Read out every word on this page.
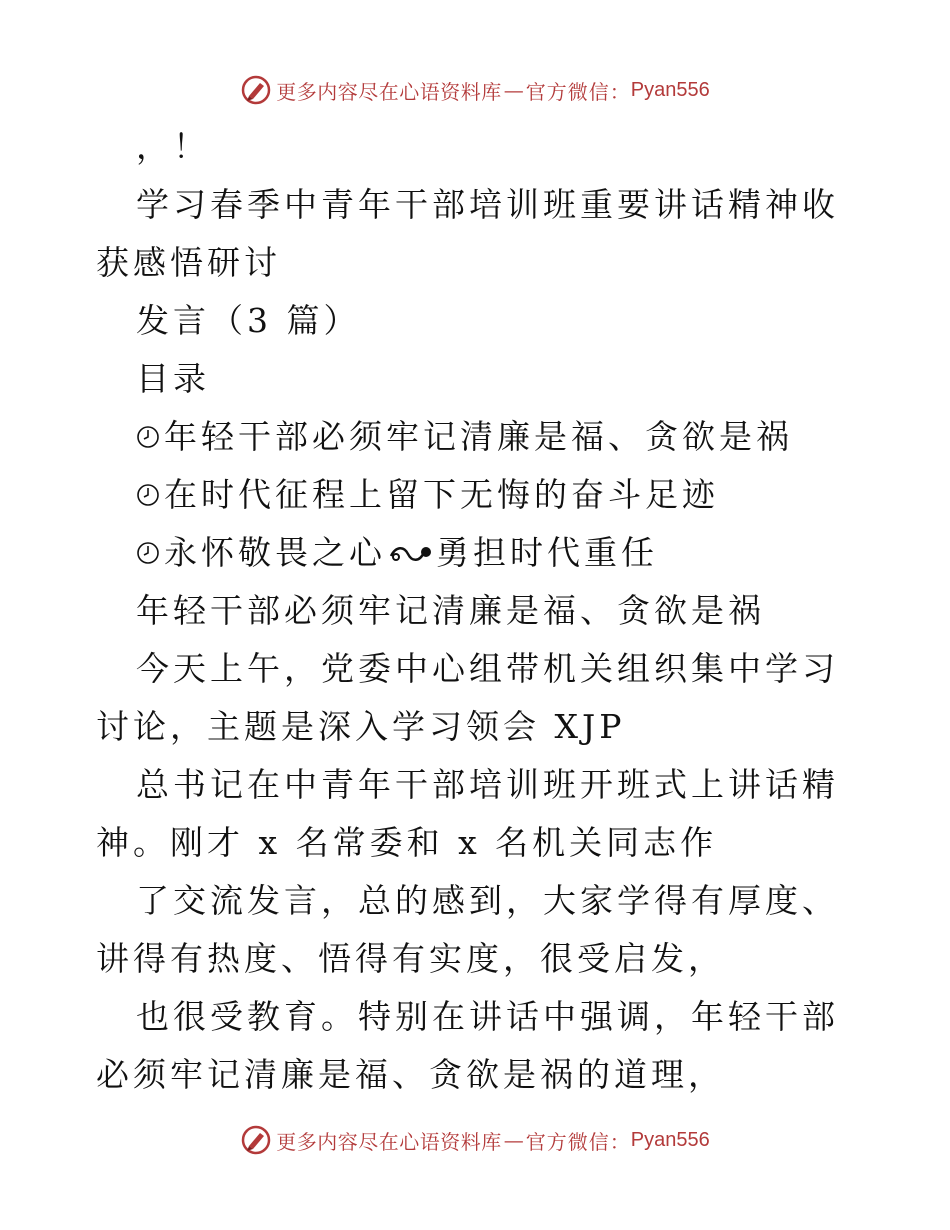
更多内容尽在心语资料库 — 官方微信： Pyan556

，！

学习春季中青年干部培训班重要讲话精神收获感悟研讨

发言（3 篇）

目录

年轻干部必须牢记清廉是福、贪欲是祸
在时代征程上留下无悔的奋斗足迹
永怀敬畏之心 勇担时代重任

年轻干部必须牢记清廉是福、贪欲是祸

今天上午，党委中心组带机关组织集中学习讨论，主题是深入学习领会 XJP

总书记在中青年干部培训班开班式上讲话精神。刚才 x 名常委和 x 名机关同志作

了交流发言，总的感到，大家学得有厚度、讲得有热度、悟得有实度，很受启发，

也很受教育。特别在讲话中强调，年轻干部必须牢记清廉是福、贪欲是祸的道理，

更多内容尽在心语资料库 — 官方微信： Pyan556
